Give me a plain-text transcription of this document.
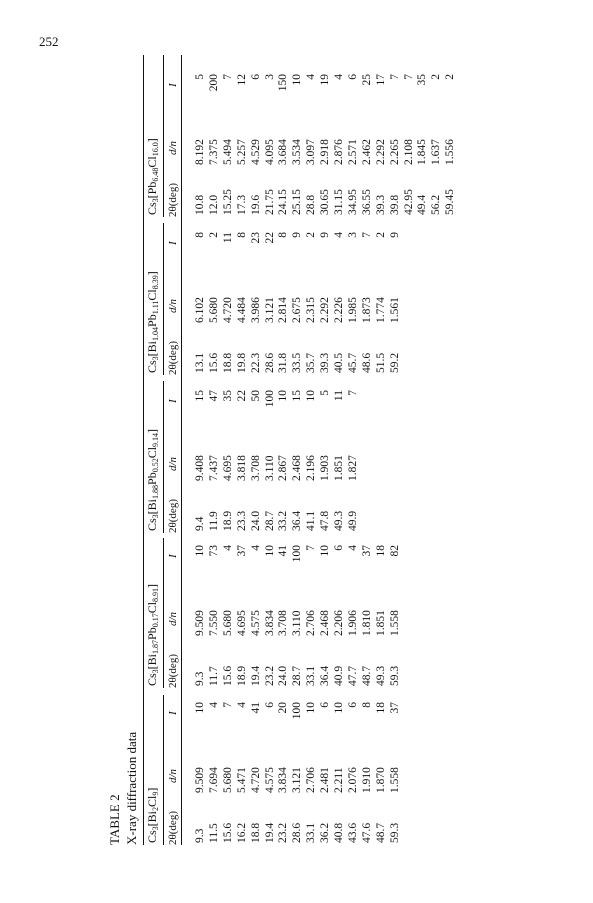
252
TABLE 2 X-ray diffraction data $Cs_3[Bi_2Cl_9]$
2θ(deg)
d/n
I
9.3
9.509
10
11.5
7.694
4
15.6
5.680
7
16.2
5.471
4
18.8
4.720
41
19.4
4.575
6
23.2
3.834
20
28.6
3.121
100
33.1
2.706
10
36.2
2.481
6
40.8
2.211
10
43.6
2.076
6
47.6
1.910
8
48.7
1.870
18
59.3
1.558
37
$Cs_3[Bi_{1.87}Pb_{0.17}Cl_{8.91}]$
2θ(deg)
d/n
I
9.3
9.509
10
11.7
7.550
73
15.6
5.680
4
18.9
4.695
37
19.4
4.575
4
23.2
3.834
10
24.0
3.708
41
28.7
3.110
100
33.1
2.706
7
36.4
2.468
10
40.9
2.206
6
47.7
1.906
4
48.7
1.810
37
49.3
1.851
18
59.3
1.558
82
$Cs_3[Bi_{1.88}Pb_{0.52}Cl_{9.14}]$
2θ(deg)
d/n
I
9.4
9.408
15
11.9
7.437
47
18.9
4.695
35
23.3
3.818
22
24.0
3.708
50
28.7
3.110
100
33.2
2.867
10
36.4
2.468
15
41.1
2.196
10
47.8
1.903
5
49.3
1.851
11
49.9
1.827
7
$Cs_3[Bi_{1.04}Pb_{1.11}Cl_{8.39}]$
2θ(deg)
d/n
I
13.1
6.102
8
15.6
5.680
2
18.8
4.720
11
19.8
4.484
8
22.3
3.986
23
28.6
3.121
22
31.8
2.814
8
33.5
2.675
9
35.7
2.315
2
39.3
2.292
9
40.5
2.226
4
45.7
1.985
3
48.6
1.873
7
51.5
1.774
2
59.2
1.561
9
$Cs_3[Pb_{6.48}Cl_{16.0}]$
2θ(deg)
d/n
I
10.8
8.192
5
12.0
7.375
200
15.25
5.494
7
17.3
5.257
12
19.6
4.529
6
21.75
4.095
3
24.15
3.684
150
25.15
3.534
10
28.8
3.097
4
30.65
2.918
19
31.15
2.876
4
34.95
2.571
6
36.55
2.462
25
39.3
2.292
17
39.8
2.265
7
42.95
2.108
7
49.4
1.845
35
56.2
1.637
2
59.45
1.556
2
